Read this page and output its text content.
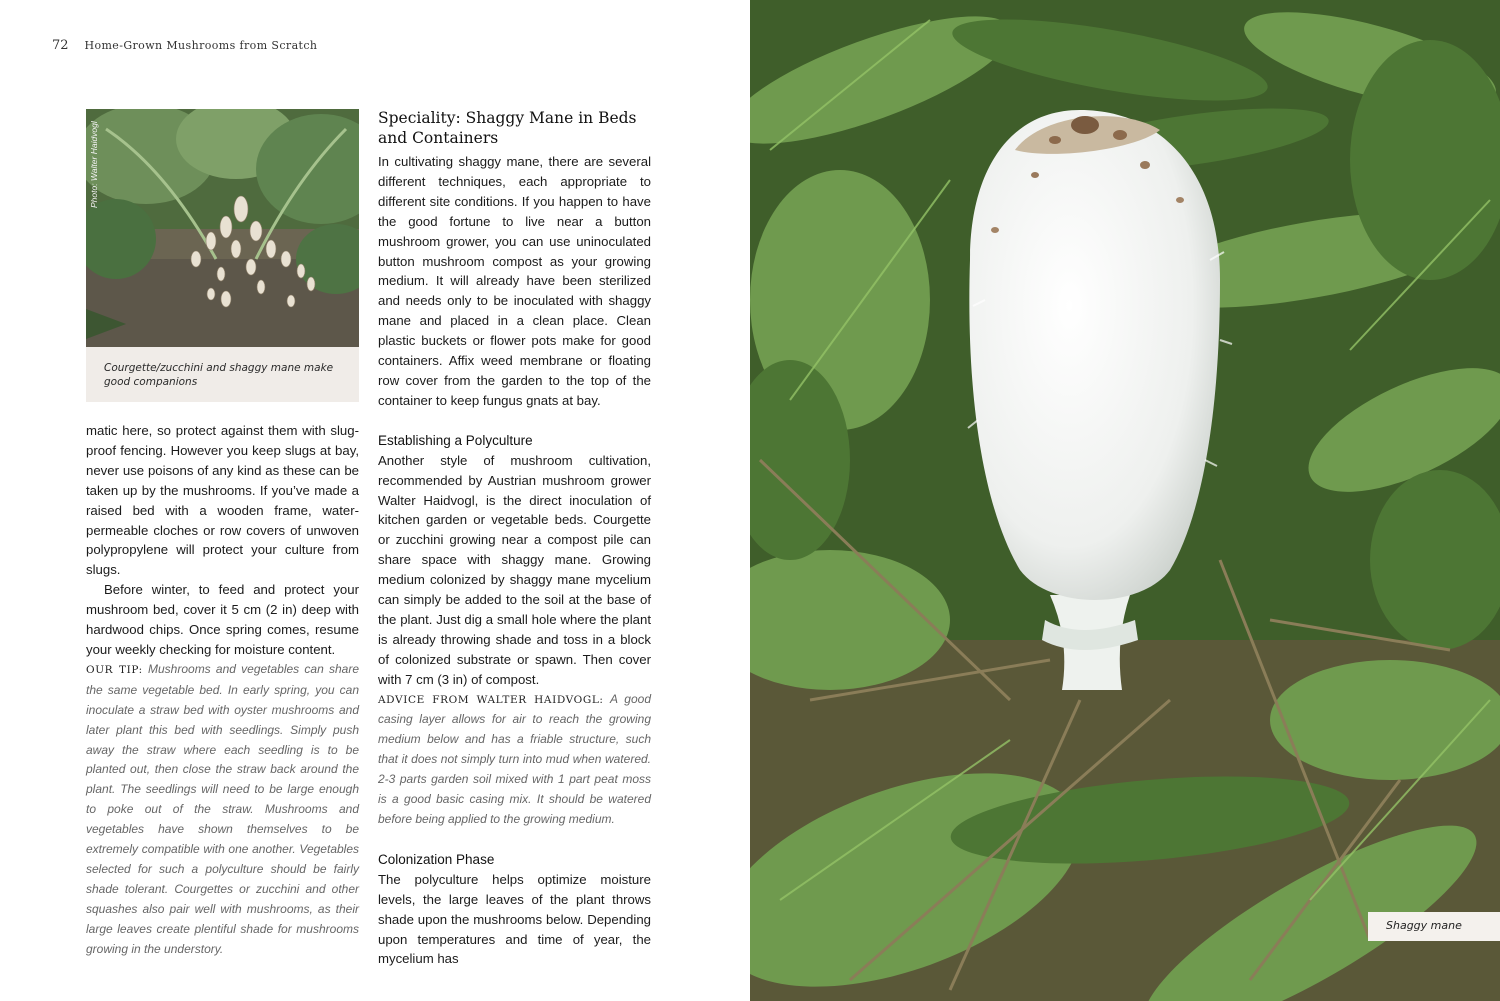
72 Home-Grown Mushrooms from Scratch
Photo: Walter Haidvogl
Courgette/zucchini and shaggy mane make good companions

matic here, so protect against them with slug-proof fencing. However you keep slugs at bay, never use poisons of any kind as these can be taken up by the mushrooms. If you’ve made a raised bed with a wooden frame, water-permeable cloches or row covers of unwoven polypropylene will protect your culture from slugs.

Before winter, to feed and protect your mushroom bed, cover it 5 cm (2 in) deep with hardwood chips. Once spring comes, resume your weekly checking for moisture content.

OUR TIP: Mushrooms and vegetables can share the same vegetable bed. In early spring, you can inoculate a straw bed with oyster mushrooms and later plant this bed with seedlings. Simply push away the straw where each seedling is to be planted out, then close the straw back around the plant. The seedlings will need to be large enough to poke out of the straw. Mushrooms and vegetables have shown themselves to be extremely compatible with one another. Vegetables selected for such a polyculture should be fairly shade tolerant. Courgettes or zucchini and other squashes also pair well with mushrooms, as their large leaves create plentiful shade for mushrooms growing in the understory.

Speciality: Shaggy Mane in Beds and Containers

In cultivating shaggy mane, there are several different techniques, each appropriate to different site conditions. If you happen to have the good fortune to live near a button mushroom grower, you can use uninoculated button mushroom compost as your growing medium. It will already have been sterilized and needs only to be inoculated with shaggy mane and placed in a clean place. Clean plastic buckets or flower pots make for good containers. Affix weed membrane or floating row cover from the garden to the top of the container to keep fungus gnats at bay.

Establishing a Polyculture

Another style of mushroom cultivation, recommended by Austrian mushroom grower Walter Haidvogl, is the direct inoculation of kitchen garden or vegetable beds. Courgette or zucchini growing near a compost pile can share space with shaggy mane. Growing medium colonized by shaggy mane mycelium can simply be added to the soil at the base of the plant. Just dig a small hole where the plant is already throwing shade and toss in a block of colonized substrate or spawn. Then cover with 7 cm (3 in) of compost.

ADVICE FROM WALTER HAIDVOGL: A good casing layer allows for air to reach the growing medium below and has a friable structure, such that it does not simply turn into mud when watered. 2-3 parts garden soil mixed with 1 part peat moss is a good basic casing mix. It should be watered before being applied to the growing medium.

Colonization Phase

The polyculture helps optimize moisture levels, the large leaves of the plant throws shade upon the mushrooms below. Depending upon temperatures and time of year, the mycelium has

Shaggy mane
